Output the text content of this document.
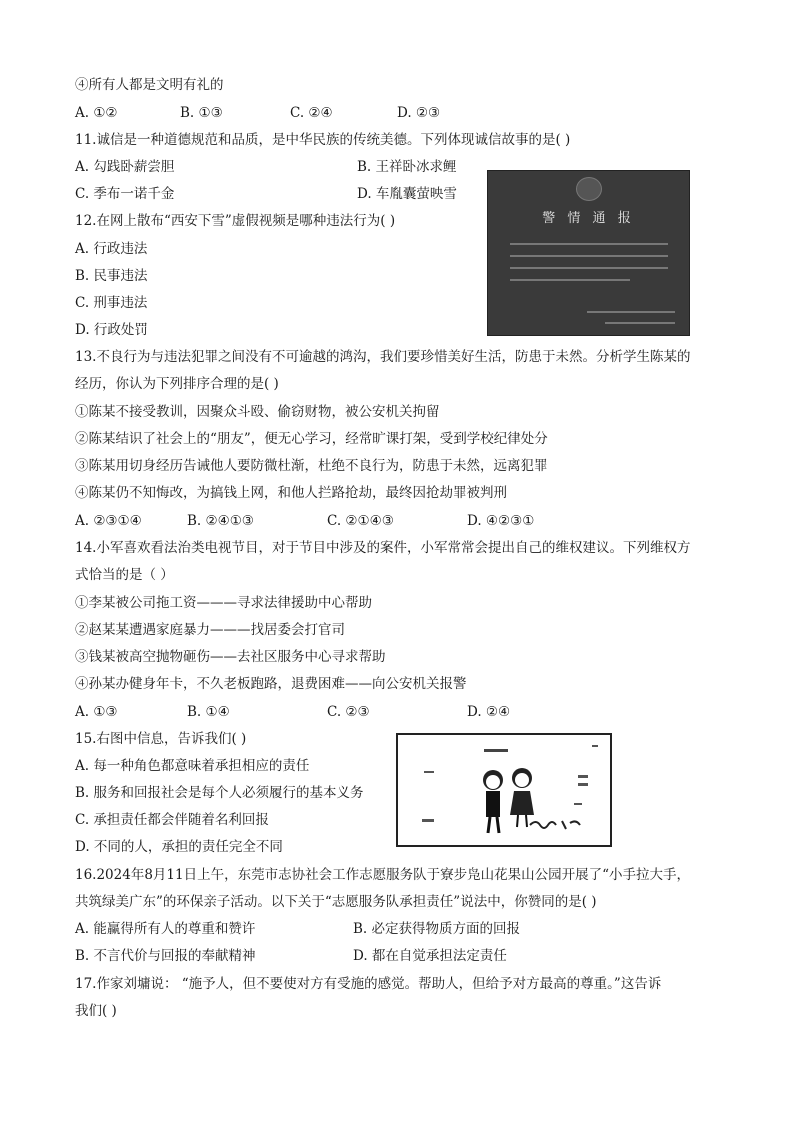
④所有人都是文明有礼的
A. ①②	B. ①③	C. ②④	D. ②③
11.诚信是一种道德规范和品质，是中华民族的传统美德。下列体现诚信故事的是( )
A. 勾践卧薪尝胆	B. 王祥卧冰求鲤
C. 季布一诺千金	D. 车胤囊萤映雪
12.在网上散布“西安下雪”虚假视频是哪种违法行为( )
A. 行政违法
B. 民事违法
C. 刑事违法
D. 行政处罚
警 情 通 报
13.不良行为与违法犯罪之间没有不可逾越的鸿沟，我们要珍惜美好生活，防患于未然。分析学生陈某的
经历，你认为下列排序合理的是( )
①陈某不接受教训，因聚众斗殴、偷窃财物，被公安机关拘留
②陈某结识了社会上的“朋友”，便无心学习，经常旷课打架，受到学校纪律处分
③陈某用切身经历告诫他人要防微杜渐，杜绝不良行为，防患于未然，远离犯罪
④陈某仍不知悔改，为搞钱上网，和他人拦路抢劫，最终因抢劫罪被判刑
A. ②③①④	B. ②④①③	C. ②①④③	D. ④②③①
14.小军喜欢看法治类电视节目，对于节目中涉及的案件，小军常常会提出自己的维权建议。下列维权方
式恰当的是（ ）
①李某被公司拖工资———寻求法律援助中心帮助
②赵某某遭遇家庭暴力———找居委会打官司
③钱某被高空抛物砸伤——去社区服务中心寻求帮助
④孙某办健身年卡，不久老板跑路，退费困难——向公安机关报警
A. ①③	B. ①④	C. ②③	D. ②④
15.右图中信息，告诉我们( )
A. 每一种角色都意味着承担相应的责任
B. 服务和回报社会是每个人必须履行的基本义务
C. 承担责任都会伴随着名利回报
D. 不同的人，承担的责任完全不同
16.2024年8月11日上午，东莞市志协社会工作志愿服务队于寮步凫山花果山公园开展了“小手拉大手，
共筑绿美广东”的环保亲子活动。以下关于“志愿服务队承担责任”说法中，你赞同的是( )
A. 能赢得所有人的尊重和赞许	B. 必定获得物质方面的回报
B. 不言代价与回报的奉献精神	D. 都在自觉承担法定责任
17.作家刘墉说： “施予人，但不要使对方有受施的感觉。帮助人，但给予对方最高的尊重。”这告诉
我们( )
